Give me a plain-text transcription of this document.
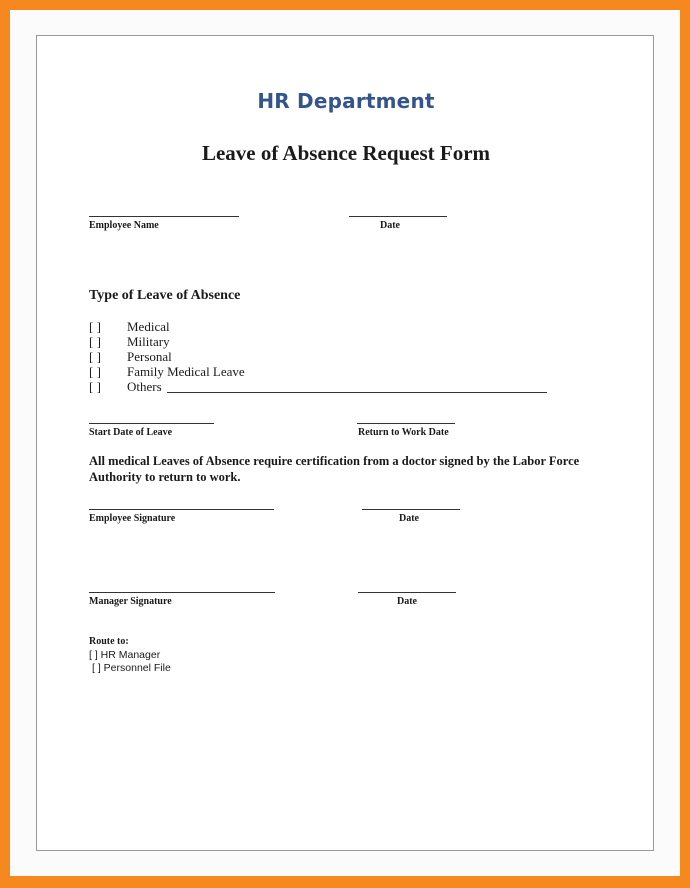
HR Department
Leave of Absence Request Form
Employee Name	Date
Type of Leave of Absence
[ ] Medical
[ ] Military
[ ] Personal
[ ] Family Medical Leave
[ ] Others
Start Date of Leave	Return to Work Date
All medical Leaves of Absence require certification from a doctor signed by the Labor Force Authority to return to work.
Employee Signature	Date
Manager Signature	Date
Route to:
[ ] HR Manager
[ ] Personnel File
